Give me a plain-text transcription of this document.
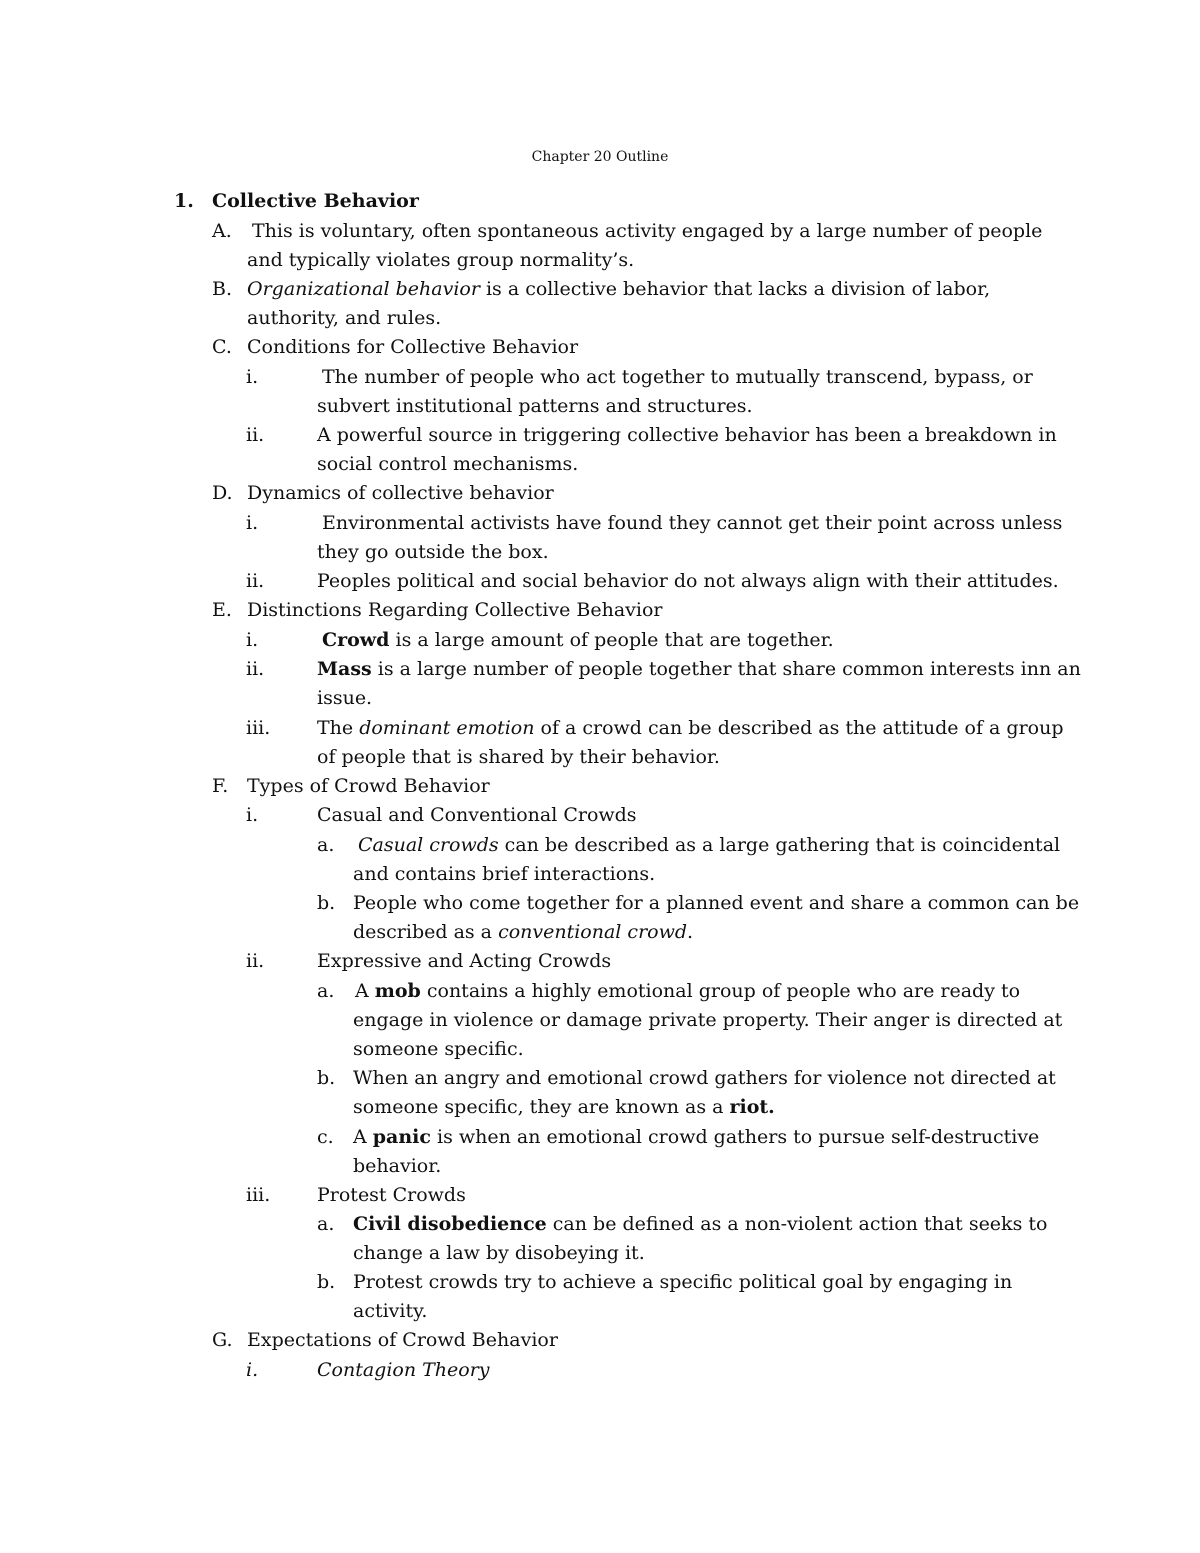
Chapter 20 Outline
1. Collective Behavior
A. This is voluntary, often spontaneous activity engaged by a large number of people
and typically violates group normality’s.
B. Organizational behavior is a collective behavior that lacks a division of labor,
authority, and rules.
C. Conditions for Collective Behavior
i.	The number of people who act together to mutually transcend, bypass, or
subvert institutional patterns and structures.
ii.	A powerful source in triggering collective behavior has been a breakdown in
social control mechanisms.
D. Dynamics of collective behavior
i.	Environmental activists have found they cannot get their point across unless
they go outside the box.
ii.	Peoples political and social behavior do not always align with their attitudes.
E. Distinctions Regarding Collective Behavior
i.	Crowd is a large amount of people that are together.
ii.	Mass is a large number of people together that share common interests inn an
issue.
iii. The dominant emotion of a crowd can be described as the attitude of a group
of people that is shared by their behavior.
F. Types of Crowd Behavior
i.	Casual and Conventional Crowds
a. Casual crowds can be described as a large gathering that is coincidental
and contains brief interactions.
b. People who come together for a planned event and share a common can be
described as a conventional crowd.
ii.	Expressive and Acting Crowds
a. A mob contains a highly emotional group of people who are ready to
engage in violence or damage private property. Their anger is directed at
someone specific.
b. When an angry and emotional crowd gathers for violence not directed at
someone specific, they are known as a riot.
c. A panic is when an emotional crowd gathers to pursue self-destructive
behavior.
iii. Protest Crowds
a. Civil disobedience can be defined as a non-violent action that seeks to
change a law by disobeying it.
b. Protest crowds try to achieve a specific political goal by engaging in
activity.
G. Expectations of Crowd Behavior
i.	Contagion Theory
